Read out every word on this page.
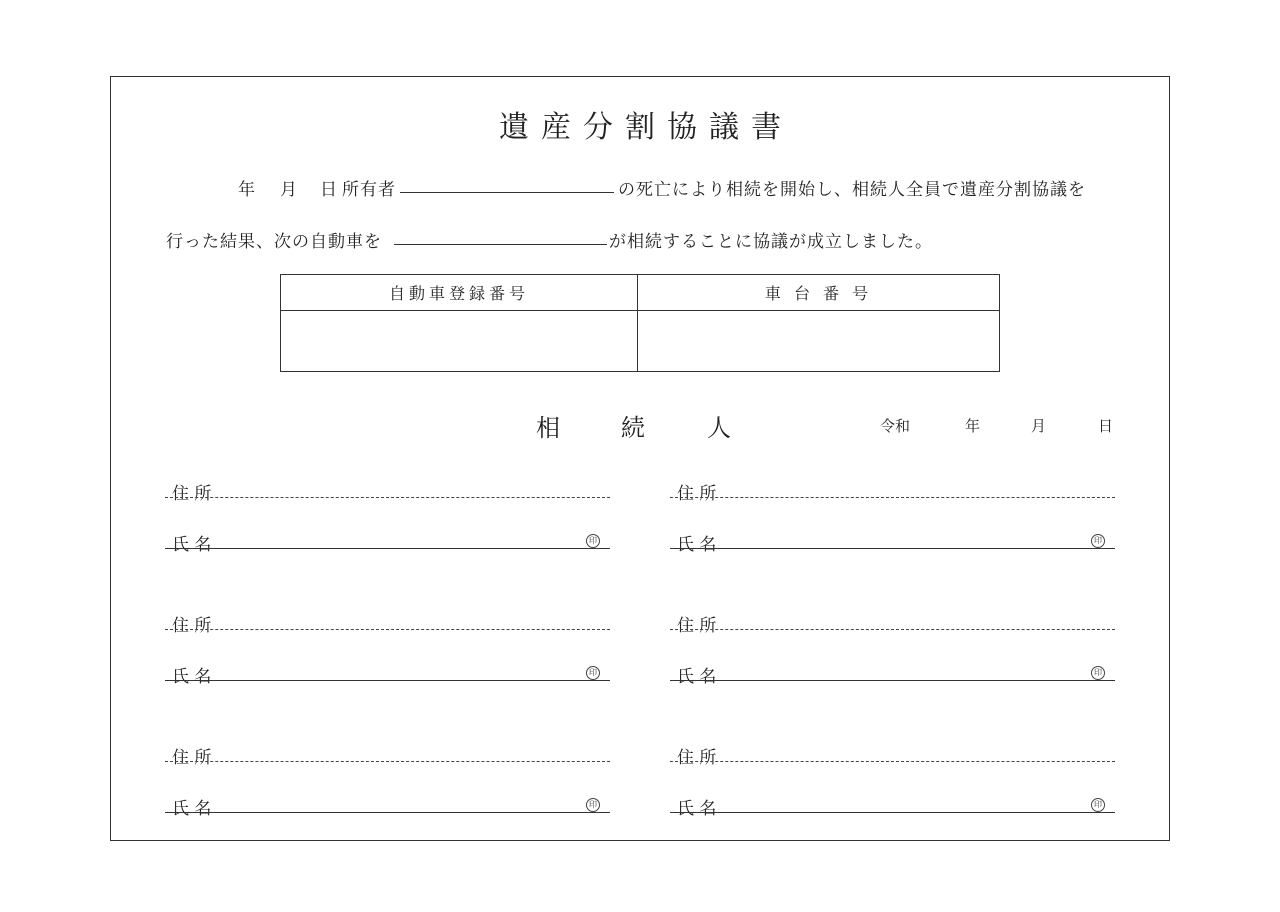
遺産分割協議書
年 月 日 所有者	の死亡により相続を開始し、相続人全員で遺産分割協議を
行った結果、次の自動車を	が相続することに協議が成立しました。
自動車登録番号	車 台 番 号

相	続	人	令和	年	月	日
住 所
氏 名	印
住 所
氏 名	印
住 所
氏 名	印
住 所
氏 名	印
住 所
氏 名	印
住 所
氏 名	印
